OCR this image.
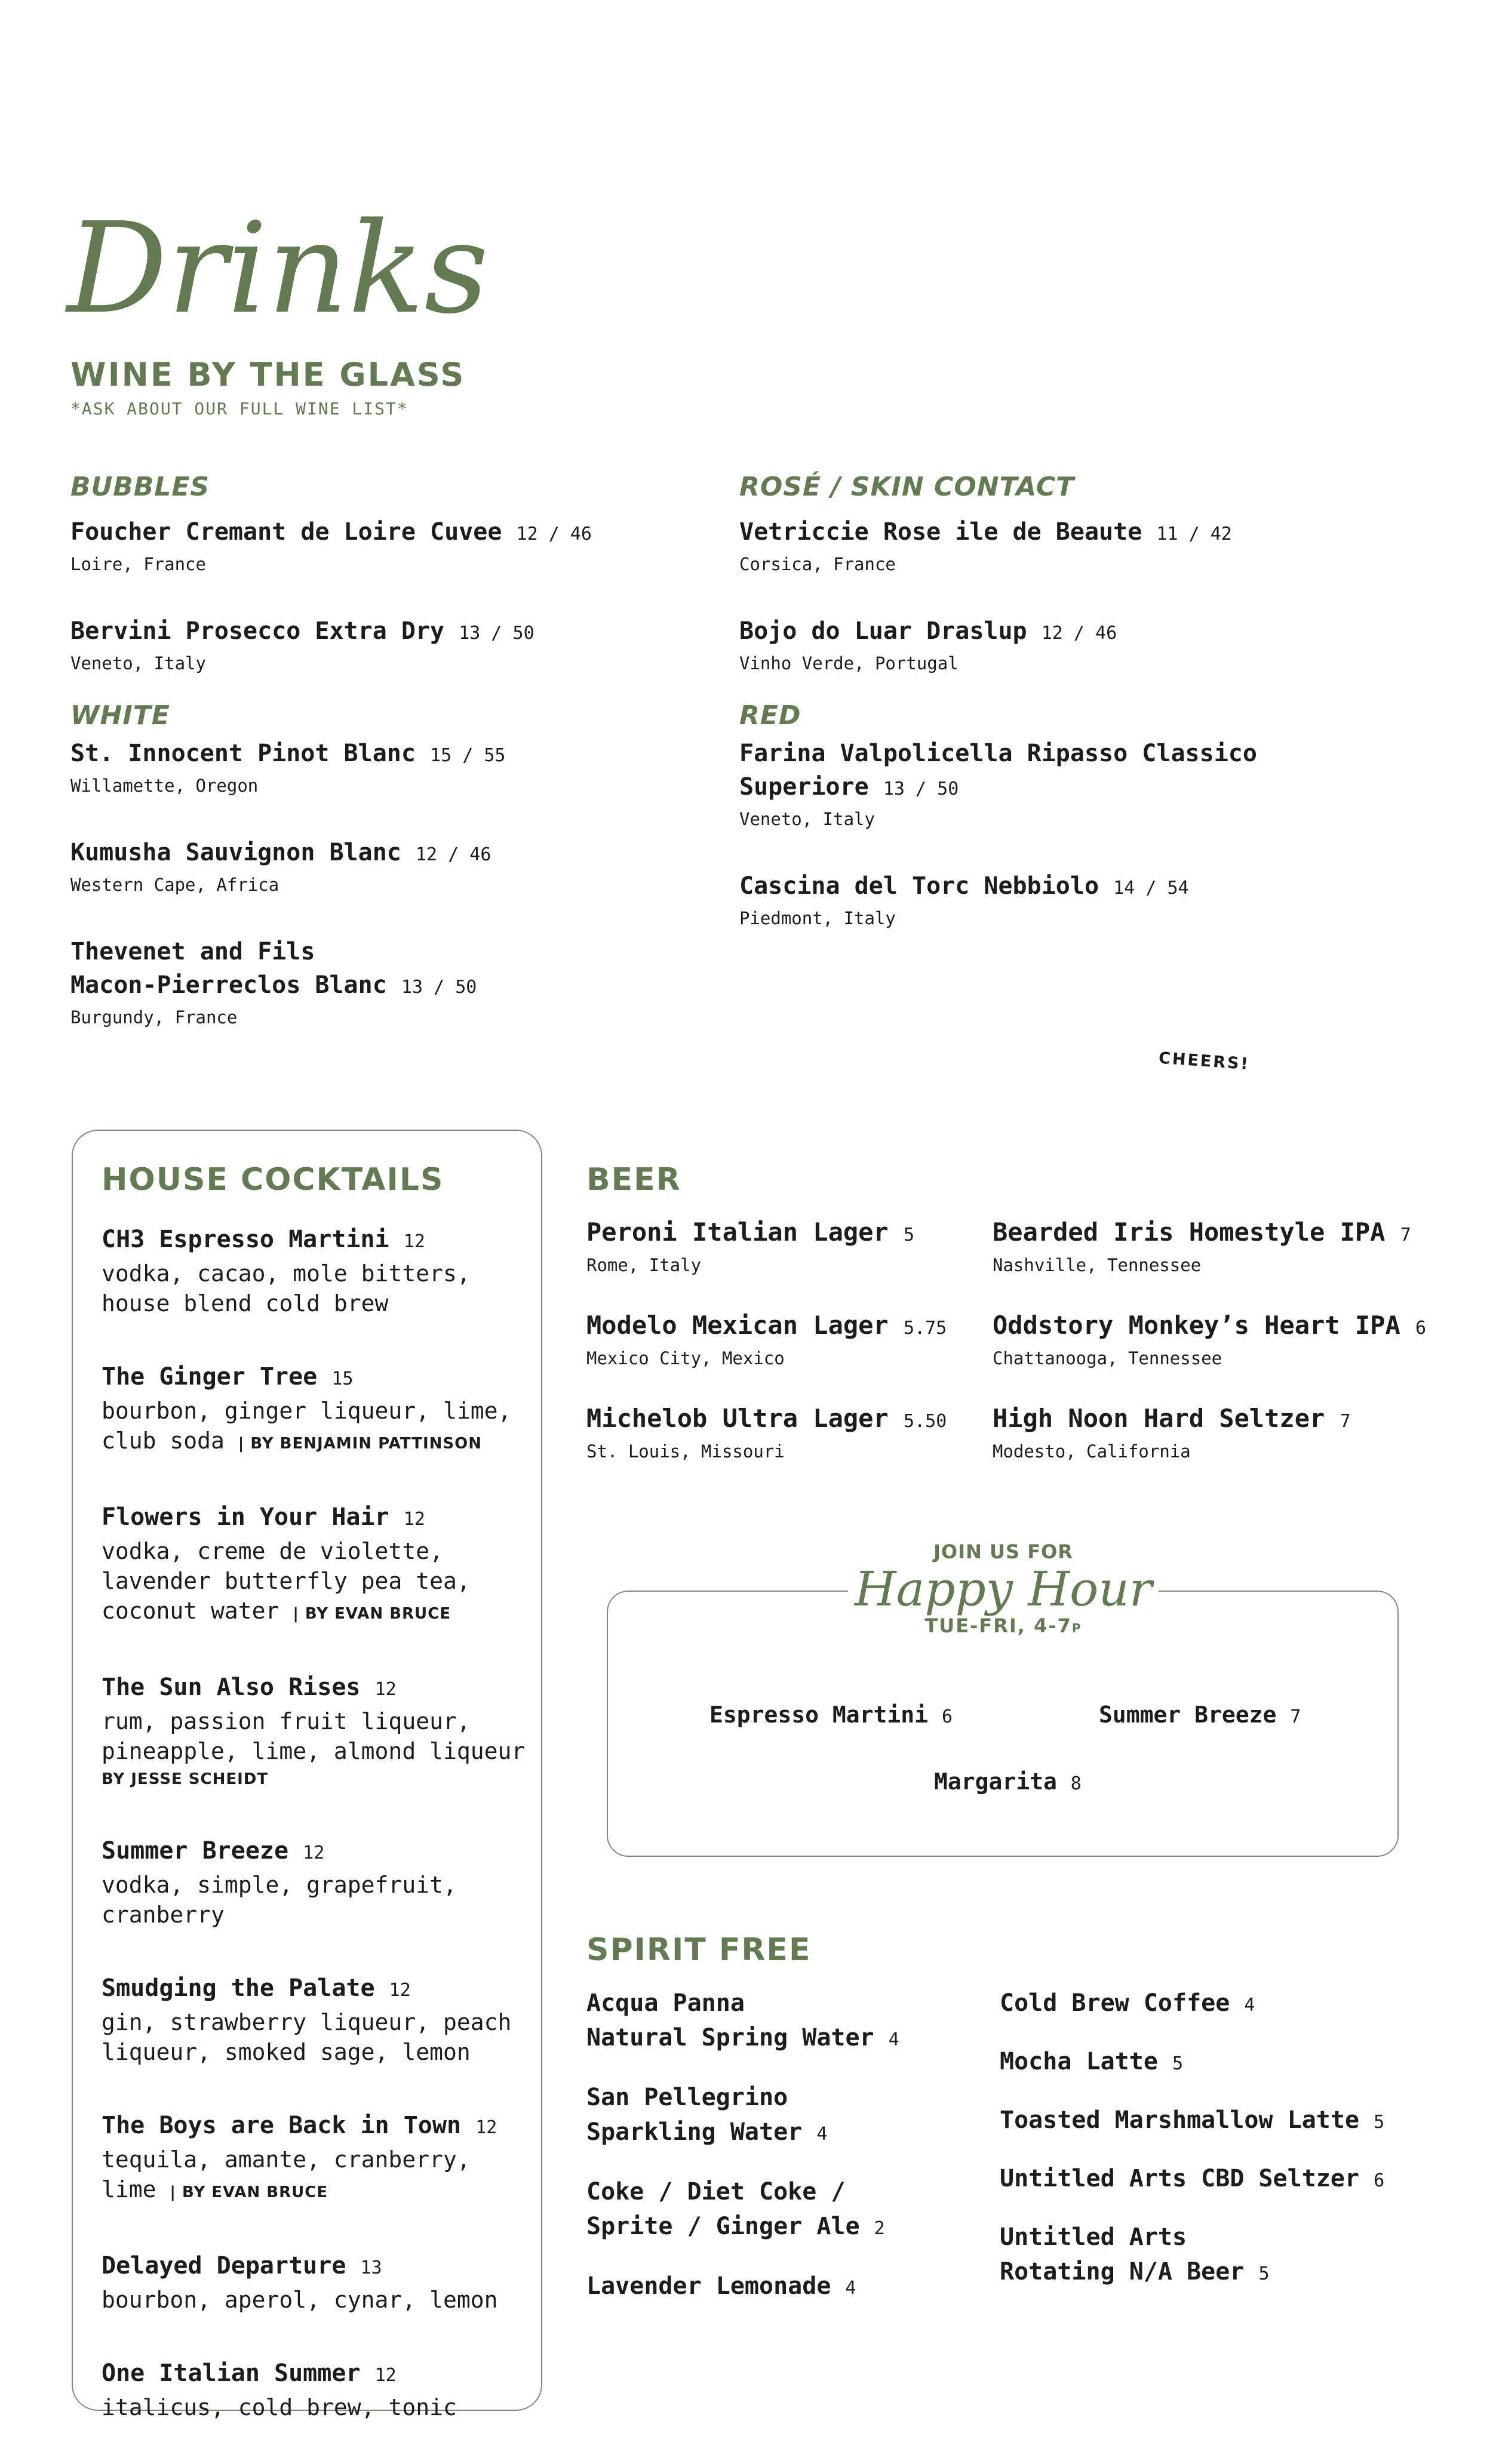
Drinks
WINE BY THE GLASS
*ASK ABOUT OUR FULL WINE LIST*
BUBBLES
Foucher Cremant de Loire Cuvee 12 / 46
Loire, France
Bervini Prosecco Extra Dry 13 / 50
Veneto, Italy
WHITE
St. Innocent Pinot Blanc 15 / 55
Willamette, Oregon
Kumusha Sauvignon Blanc 12 / 46
Western Cape, Africa
Thevenet and Fils
Macon-Pierreclos Blanc 13 / 50
Burgundy, France
ROSÉ / SKIN CONTACT
Vetriccie Rose ile de Beaute 11 / 42
Corsica, France
Bojo do Luar Draslup 12 / 46
Vinho Verde, Portugal
RED
Farina Valpolicella Ripasso Classico
Superiore 13 / 50
Veneto, Italy
Cascina del Torc Nebbiolo 14 / 54
Piedmont, Italy
CHEERS!
HOUSE COCKTAILS
CH3 Espresso Martini 12
vodka, cacao, mole bitters,
house blend cold brew
The Ginger Tree 15
bourbon, ginger liqueur, lime,
club soda | BY BENJAMIN PATTINSON
Flowers in Your Hair 12
vodka, creme de violette,
lavender butterfly pea tea,
coconut water | BY EVAN BRUCE
The Sun Also Rises 12
rum, passion fruit liqueur,
pineapple, lime, almond liqueur
BY JESSE SCHEIDT
Summer Breeze 12
vodka, simple, grapefruit,
cranberry
Smudging the Palate 12
gin, strawberry liqueur, peach
liqueur, smoked sage, lemon
The Boys are Back in Town 12
tequila, amante, cranberry,
lime | BY EVAN BRUCE
Delayed Departure 13
bourbon, aperol, cynar, lemon
One Italian Summer 12
italicus, cold brew, tonic
BEER
Peroni Italian Lager 5
Rome, Italy
Modelo Mexican Lager 5.75
Mexico City, Mexico
Michelob Ultra Lager 5.50
St. Louis, Missouri
Bearded Iris Homestyle IPA 7
Nashville, Tennessee
Oddstory Monkey’s Heart IPA 6
Chattanooga, Tennessee
High Noon Hard Seltzer 7
Modesto, California
JOIN US FOR
Happy Hour
TUE-FRI, 4-7P
Espresso Martini 6	Summer Breeze 7
Margarita 8
SPIRIT FREE
Acqua Panna
Natural Spring Water 4
San Pellegrino
Sparkling Water 4
Coke / Diet Coke /
Sprite / Ginger Ale 2
Lavender Lemonade 4
Cold Brew Coffee 4
Mocha Latte 5
Toasted Marshmallow Latte 5
Untitled Arts CBD Seltzer 6
Untitled Arts
Rotating N/A Beer 5
